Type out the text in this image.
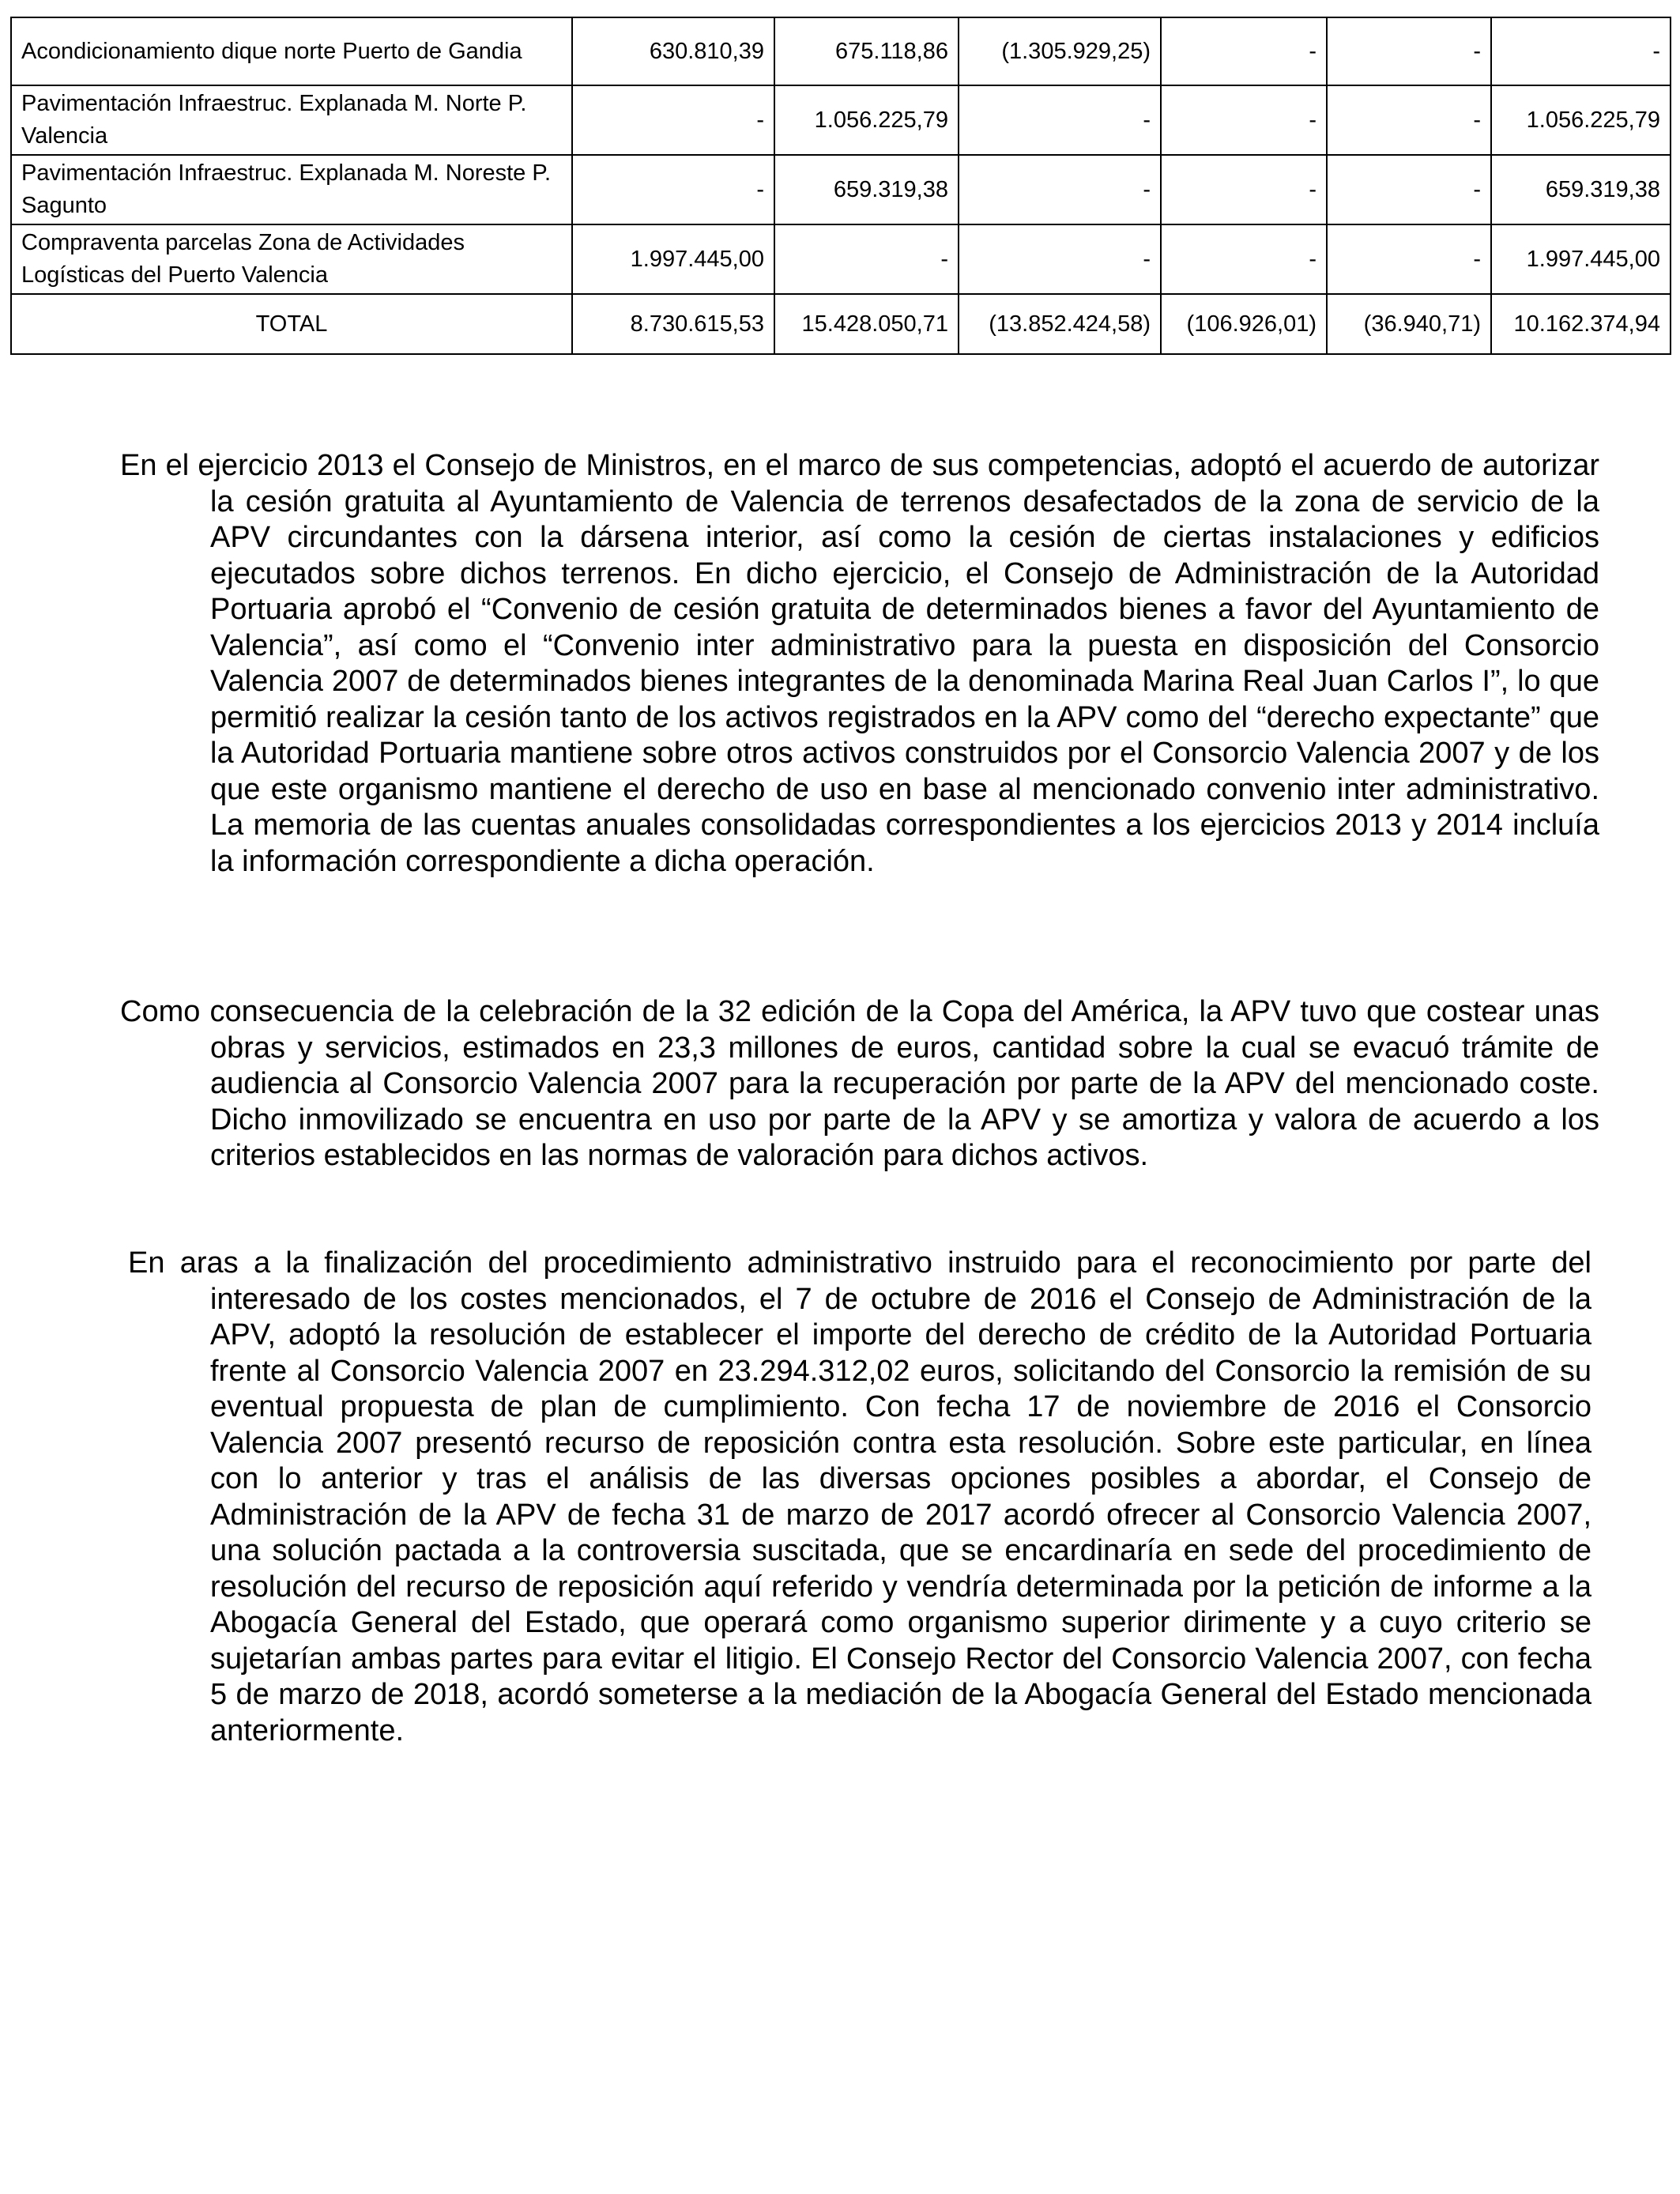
Acondicionamiento dique norte Puerto de Gandia	630.810,39	675.118,86	(1.305.929,25)	-	-	-
Pavimentación Infraestruc. Explanada M. Norte P. Valencia	-	1.056.225,79	-	-	-	1.056.225,79
Pavimentación Infraestruc. Explanada M. Noreste P. Sagunto	-	659.319,38	-	-	-	659.319,38
Compraventa parcelas Zona de Actividades Logísticas del Puerto Valencia	1.997.445,00	-	-	-	-	1.997.445,00
TOTAL	8.730.615,53	15.428.050,71	(13.852.424,58)	(106.926,01)	(36.940,71)	10.162.374,94

En el ejercicio 2013 el Consejo de Ministros, en el marco de sus competencias, adoptó el acuerdo de autorizar la cesión gratuita al Ayuntamiento de Valencia de terrenos desafectados de la zona de servicio de la APV circundantes con la dársena interior, así como la cesión de ciertas instalaciones y edificios ejecutados sobre dichos terrenos. En dicho ejercicio, el Consejo de Administración de la Autoridad Portuaria aprobó el “Convenio de cesión gratuita de determinados bienes a favor del Ayuntamiento de Valencia”, así como el “Convenio inter administrativo para la puesta en disposición del Consorcio Valencia 2007 de determinados bienes integrantes de la denominada Marina Real Juan Carlos I”, lo que permitió realizar la cesión tanto de los activos registrados en la APV como del “derecho expectante” que la Autoridad Portuaria mantiene sobre otros activos construidos por el Consorcio Valencia 2007 y de los que este organismo mantiene el derecho de uso en base al mencionado convenio inter administrativo. La memoria de las cuentas anuales consolidadas correspondientes a los ejercicios 2013 y 2014 incluía la información correspondiente a dicha operación.

Como consecuencia de la celebración de la 32 edición de la Copa del América, la APV tuvo que costear unas obras y servicios, estimados en 23,3 millones de euros, cantidad sobre la cual se evacuó trámite de audiencia al Consorcio Valencia 2007 para la recuperación por parte de la APV del mencionado coste. Dicho inmovilizado se encuentra en uso por parte de la APV y se amortiza y valora de acuerdo a los criterios establecidos en las normas de valoración para dichos activos.

En aras a la finalización del procedimiento administrativo instruido para el reconocimiento por parte del interesado de los costes mencionados, el 7 de octubre de 2016 el Consejo de Administración de la APV, adoptó la resolución de establecer el importe del derecho de crédito de la Autoridad Portuaria frente al Consorcio Valencia 2007 en 23.294.312,02 euros, solicitando del Consorcio la remisión de su eventual propuesta de plan de cumplimiento. Con fecha 17 de noviembre de 2016 el Consorcio Valencia 2007 presentó recurso de reposición contra esta resolución. Sobre este particular, en línea con lo anterior y tras el análisis de las diversas opciones posibles a abordar, el Consejo de Administración de la APV de fecha 31 de marzo de 2017 acordó ofrecer al Consorcio Valencia 2007, una solución pactada a la controversia suscitada, que se encardinaría en sede del procedimiento de resolución del recurso de reposición aquí referido y vendría determinada por la petición de informe a la Abogacía General del Estado, que operará como organismo superior dirimente y a cuyo criterio se sujetarían ambas partes para evitar el litigio. El Consejo Rector del Consorcio Valencia 2007, con fecha 5 de marzo de 2018, acordó someterse a la mediación de la Abogacía General del Estado mencionada anteriormente.
